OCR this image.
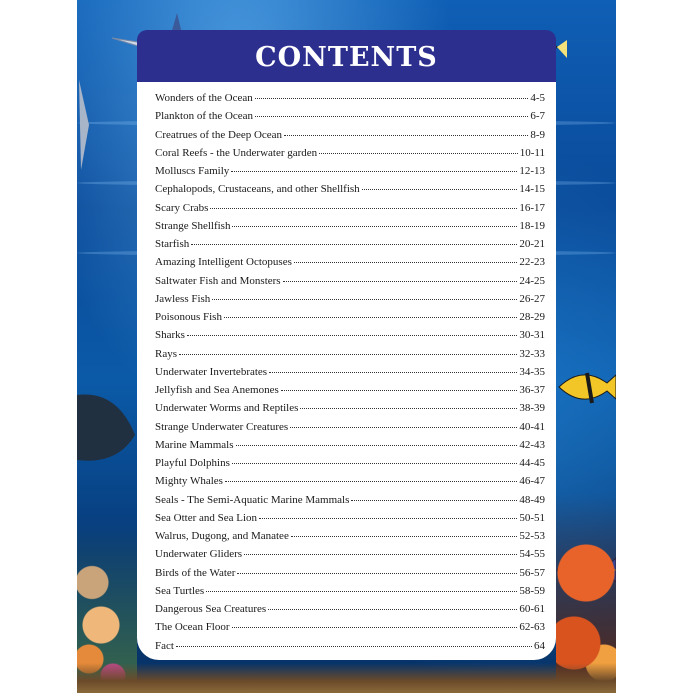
CONTENTS
Wonders of the Ocean	4-5
Plankton of the Ocean	6-7
Creatrues of the Deep Ocean	8-9
Coral Reefs - the Underwater garden	10-11
Molluscs Family	12-13
Cephalopods, Crustaceans, and other Shellfish	14-15
Scary Crabs	16-17
Strange Shellfish	18-19
Starfish	20-21
Amazing Intelligent Octopuses	22-23
Saltwater Fish and Monsters	24-25
Jawless Fish	26-27
Poisonous Fish	28-29
Sharks	30-31
Rays	32-33
Underwater Invertebrates	34-35
Jellyfish and Sea Anemones	36-37
Underwater Worms and Reptiles	38-39
Strange Underwater Creatures	40-41
Marine Mammals	42-43
Playful Dolphins	44-45
Mighty Whales	46-47
Seals - The Semi-Aquatic Marine Mammals	48-49
Sea Otter and Sea Lion	50-51
Walrus, Dugong, and Manatee	52-53
Underwater Gliders	54-55
Birds of the Water	56-57
Sea Turtles	58-59
Dangerous Sea Creatures	60-61
The Ocean Floor	62-63
Fact	64
